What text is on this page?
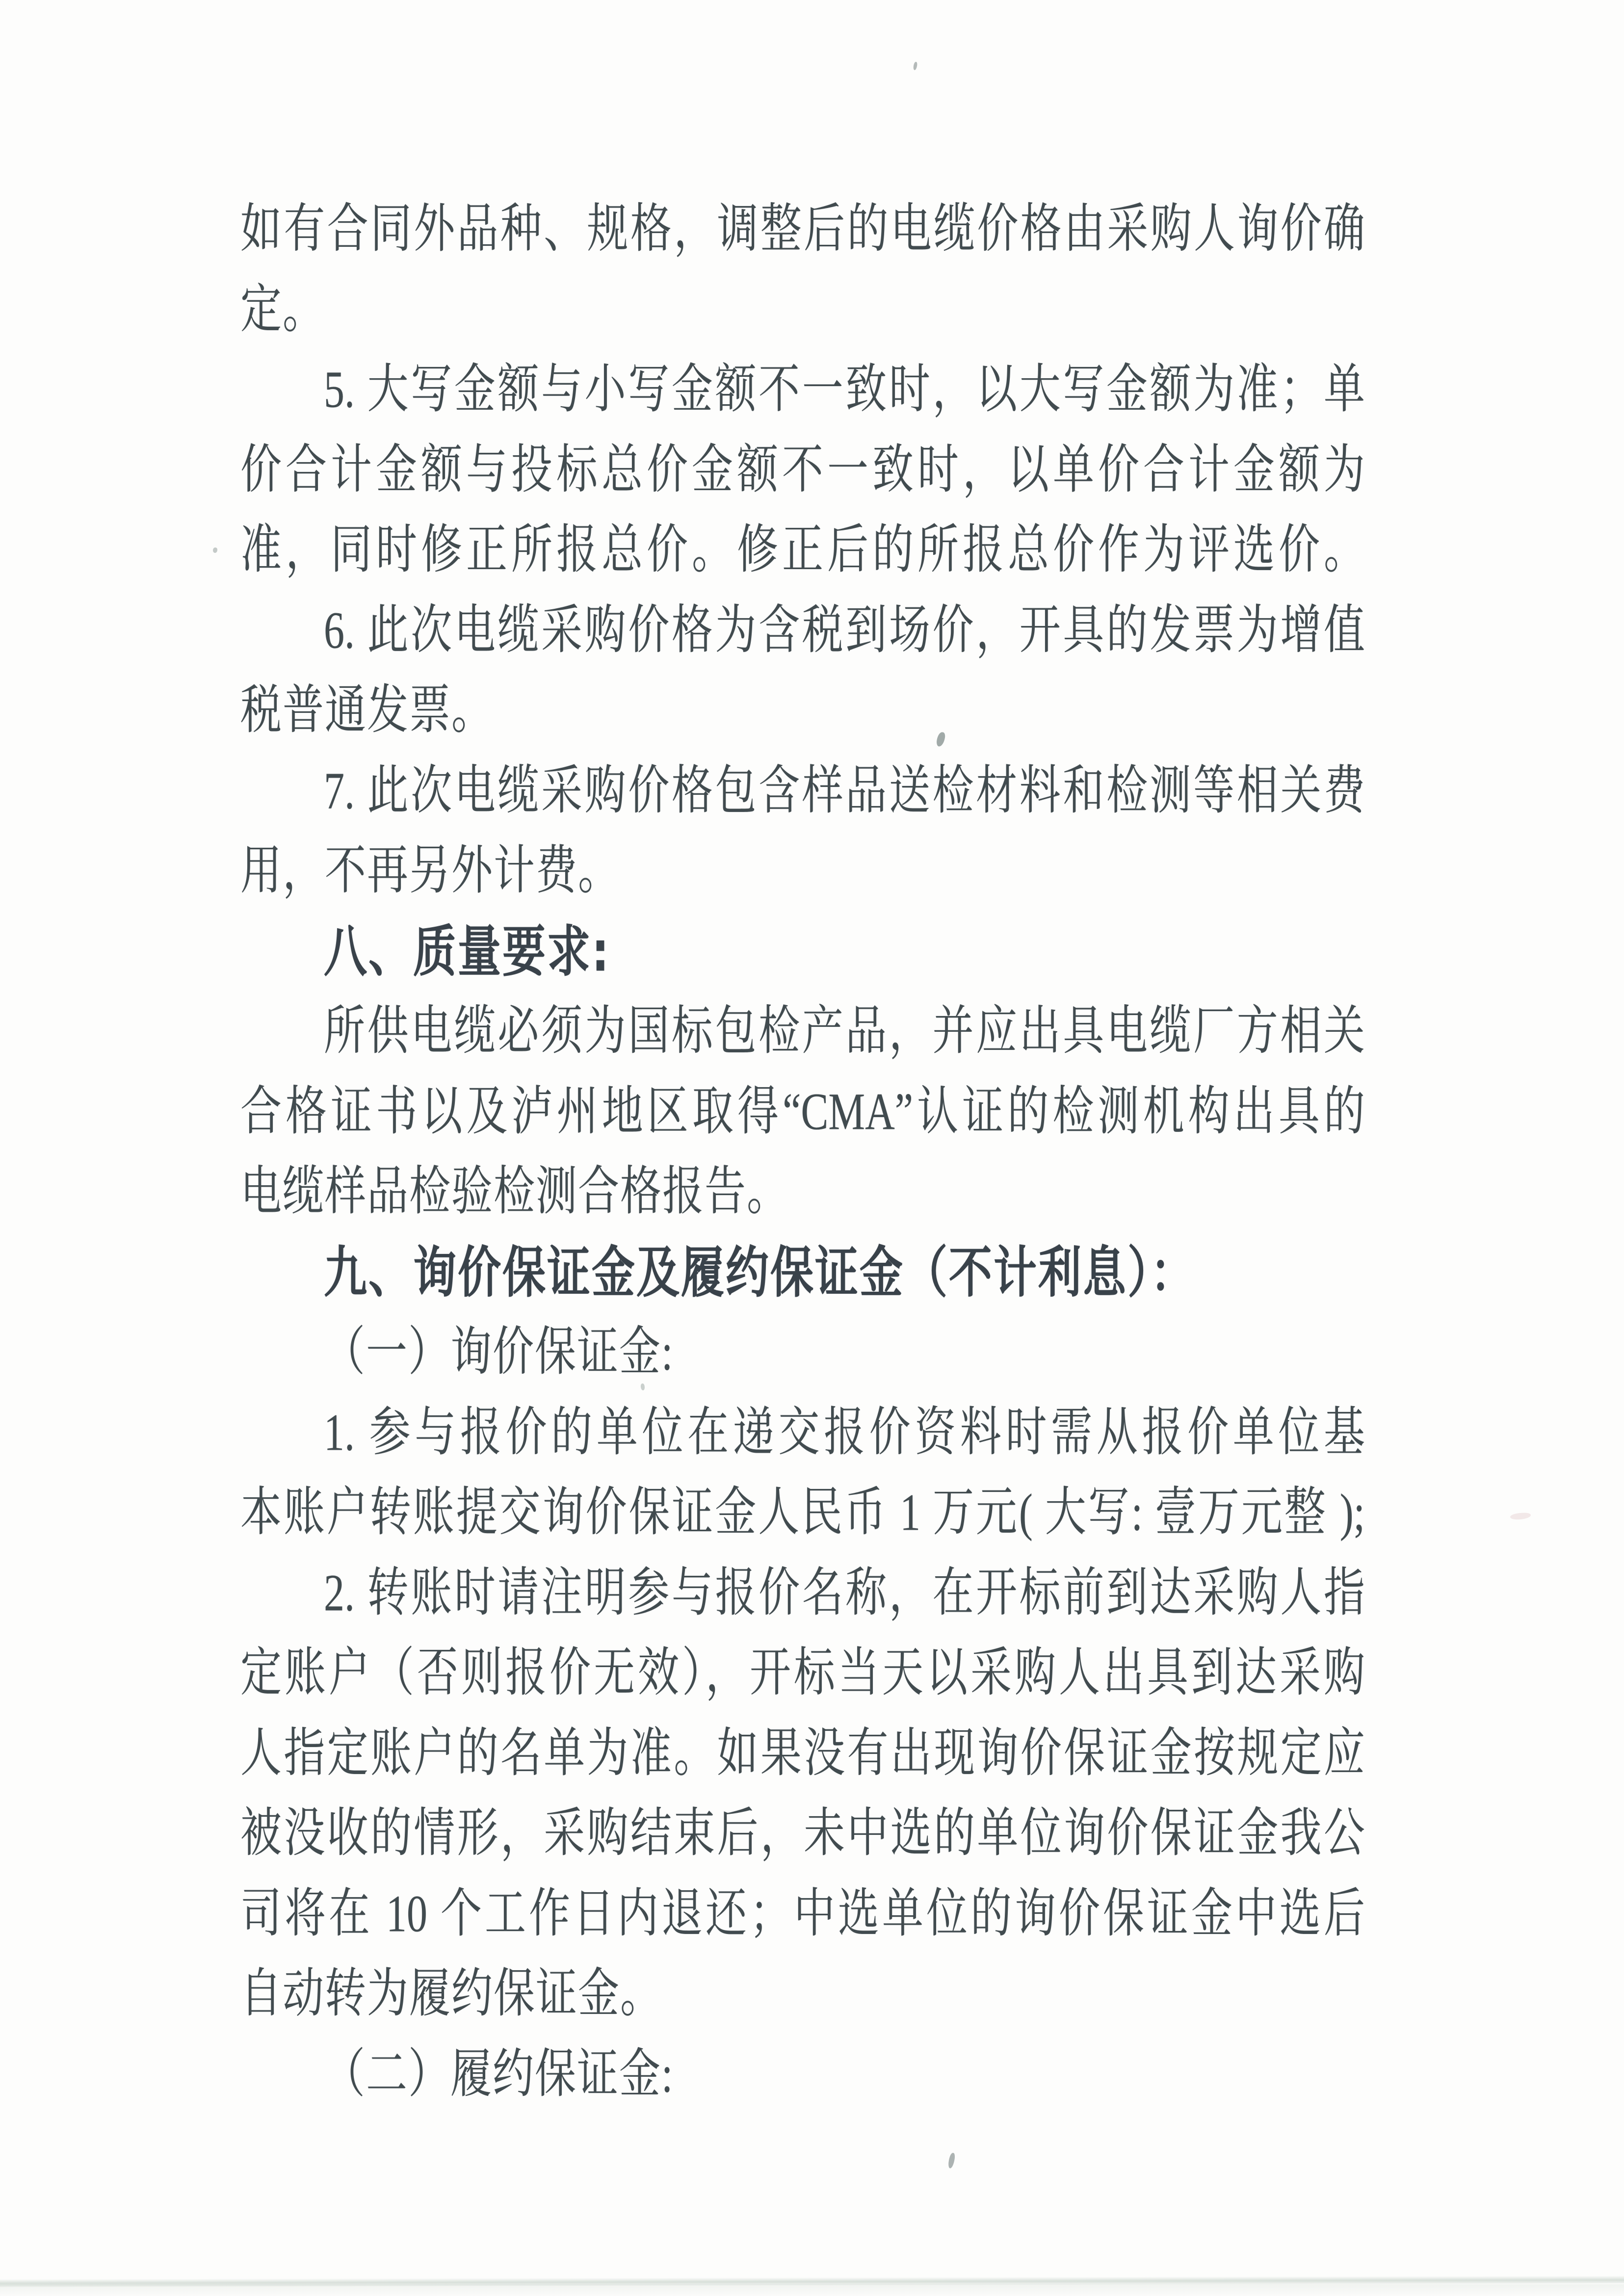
如有合同外品种、规格，调整后的电缆价格由采购人询价确
定。
5. 大写金额与小写金额不一致时，以大写金额为准；单
价合计金额与投标总价金额不一致时，以单价合计金额为
准，同时修正所报总价。修正后的所报总价作为评选价。
6. 此次电缆采购价格为含税到场价，开具的发票为增值
税普通发票。
7. 此次电缆采购价格包含样品送检材料和检测等相关费
用，不再另外计费。
八、质量要求:
所供电缆必须为国标包检产品，并应出具电缆厂方相关
合格证书以及泸州地区取得“CMA”认证的检测机构出具的
电缆样品检验检测合格报告。
九、询价保证金及履约保证金（不计利息）：
（一）询价保证金:
1. 参与报价的单位在递交报价资料时需从报价单位基
本账户转账提交询价保证金人民币 1 万元( 大写: 壹万元整 );
2. 转账时请注明参与报价名称，在开标前到达采购人指
定账户（否则报价无效），开标当天以采购人出具到达采购
人指定账户的名单为准。如果没有出现询价保证金按规定应
被没收的情形，采购结束后，未中选的单位询价保证金我公
司将在 10 个工作日内退还；中选单位的询价保证金中选后
自动转为履约保证金。
（二）履约保证金:
